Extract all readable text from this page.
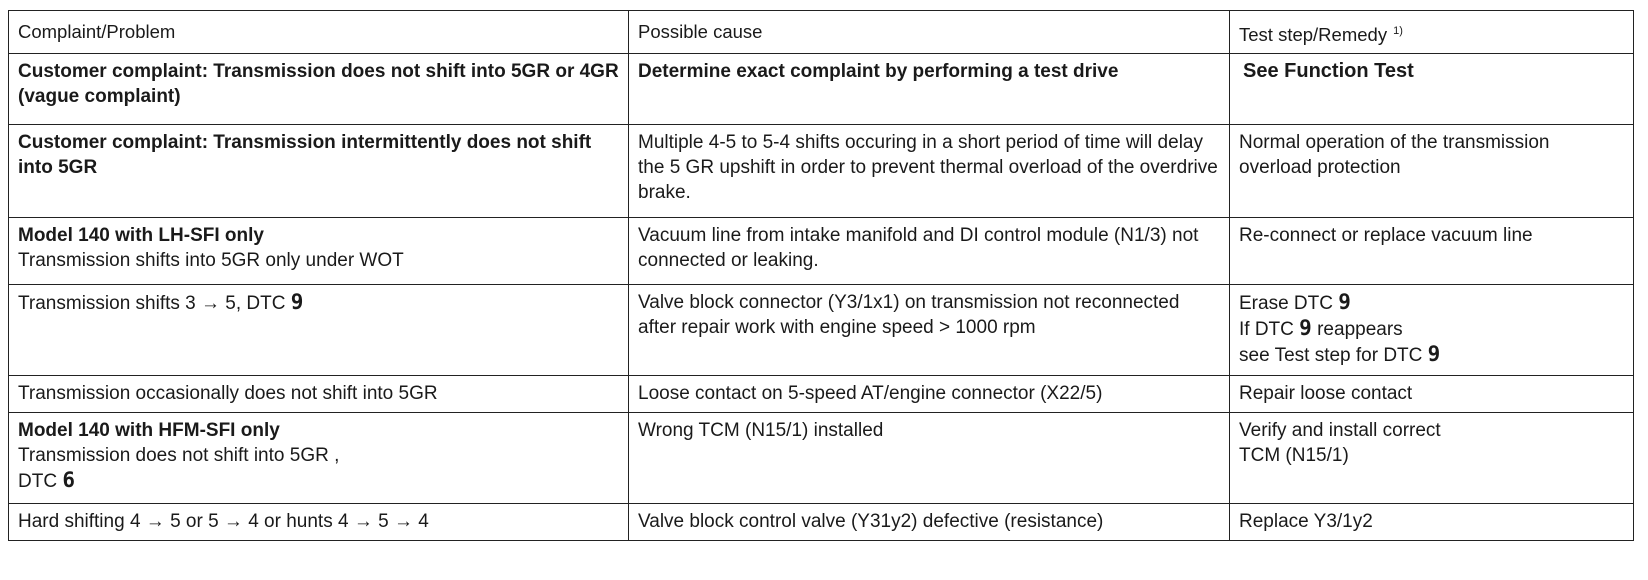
Complaint/Problem	Possible cause	Test step/Remedy $^{1)}$
Customer complaint: Transmission does not shift into 5GR or 4GR (vague complaint)	Determine exact complaint by performing a test drive	See Function Test

Customer complaint: Transmission intermittently does not shift into 5GR	Multiple 4-5 to 5-4 shifts occuring in a short period of time will delay the 5 GR upshift in order to prevent thermal overload of the overdrive brake.	Normal operation of the transmission overload protection

Model 140 with LH-SFI only
Transmission shifts into 5GR only under WOT	Vacuum line from intake manifold and DI control module (N1/3) not connected or leaking.	Re-connect or replace vacuum line
Transmission shifts 3 → 5, DTC 9	Valve block connector (Y3/1x1) on transmission not reconnected after repair work with engine speed > 1000 rpm	Erase DTC 9
If DTC 9 reappears
see Test step for DTC 9

Transmission occasionally does not shift into 5GR	Loose contact on 5-speed AT/engine connector (X22/5)	Repair loose contact

Model 140 with HFM-SFI only
Transmission does not shift into 5GR ,
DTC 6	Wrong TCM (N15/1) installed	Verify and install correct
TCM (N15/1)

Hard shifting 4 → 5 or 5 → 4 or hunts 4 → 5 → 4	Valve block control valve (Y31y2) defective (resistance)	Replace Y3/1y2
